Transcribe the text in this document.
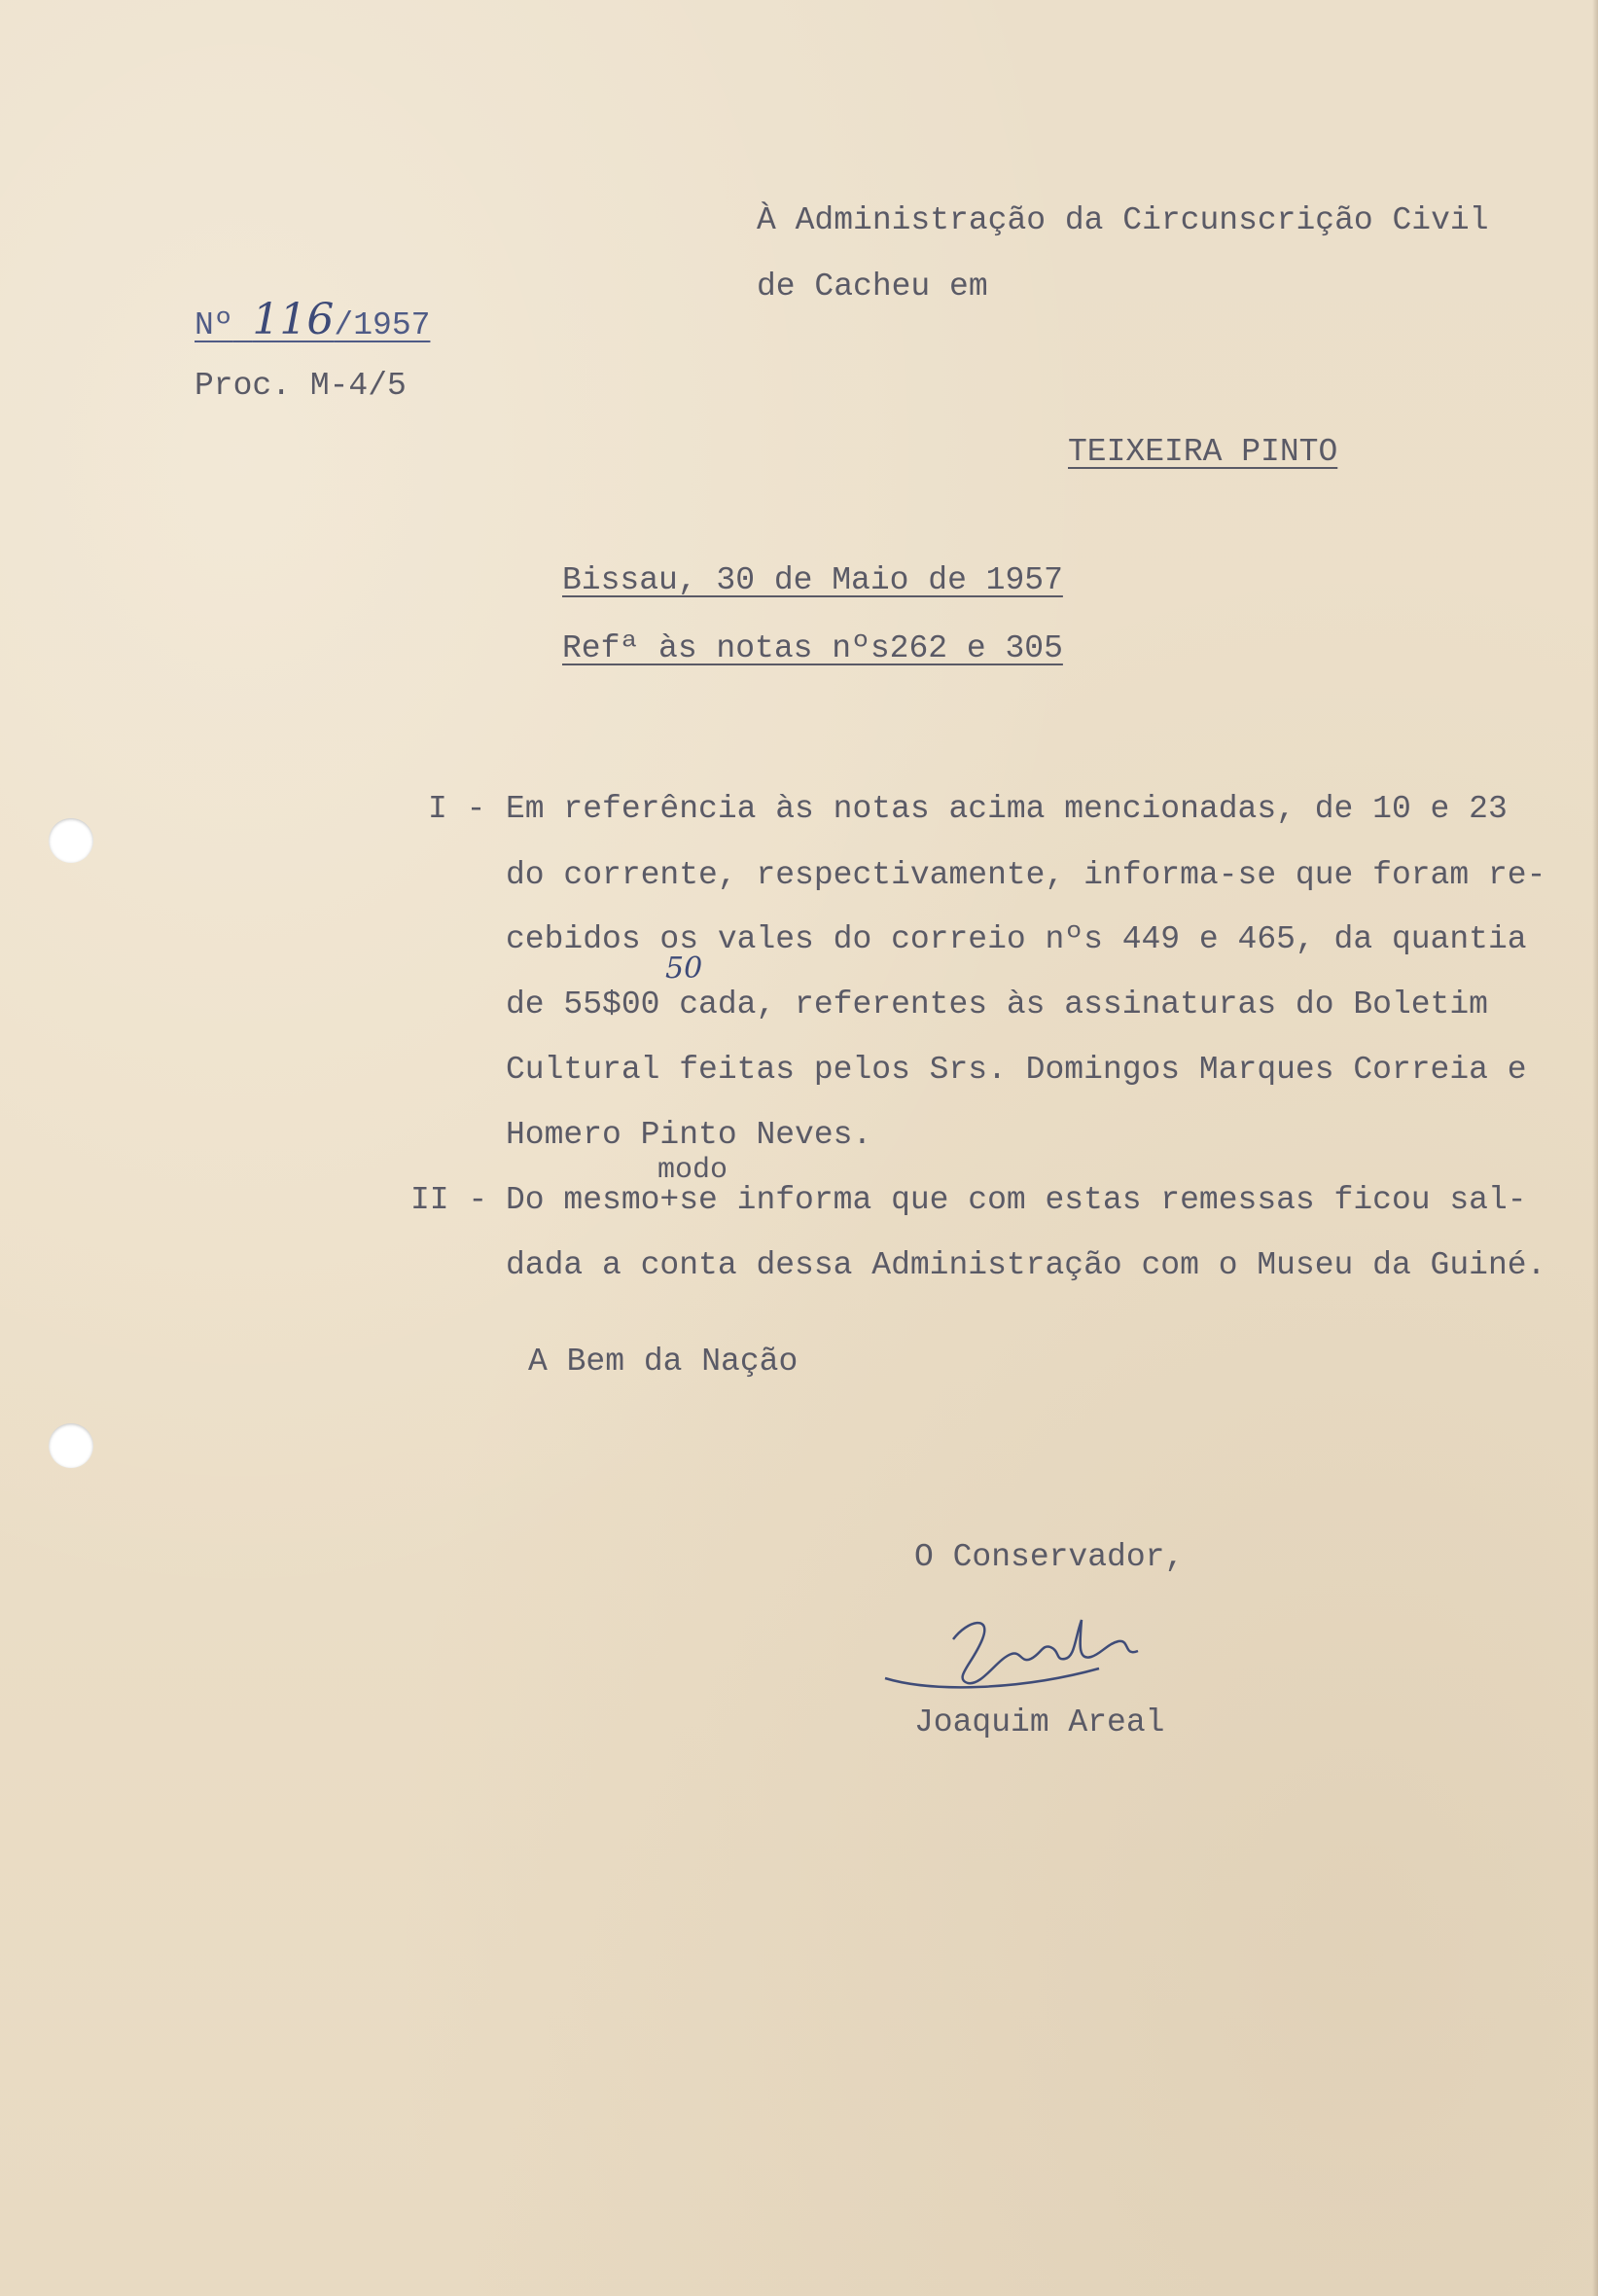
À Administração da Circunscrição Civil
de Cacheu em
TEIXEIRA PINTO
Nº 116/1957
Proc. M-4/5
Bissau, 30 de Maio de 1957
Refª às notas nºs262 e 305
I - Em referência às notas acima mencionadas, de 10 e 23
do corrente, respectivamente, informa-se que foram re-
cebidos os vales do correio nºs 449 e 465, da quantia
50
de 55$00 cada, referentes às assinaturas do Boletim
Cultural feitas pelos Srs. Domingos Marques Correia e
Homero Pinto Neves.
modo
II - Do mesmo+se informa que com estas remessas ficou sal-
dada a conta dessa Administração com o Museu da Guiné.
A Bem da Nação
O Conservador,
Joaquim Areal
